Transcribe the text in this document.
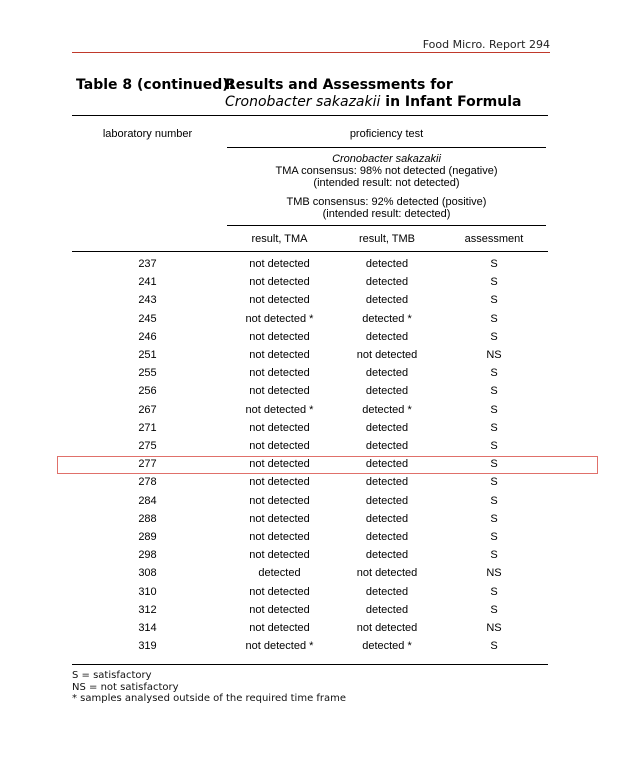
Food Micro. Report 294
Table 8 (continued):
Results and Assessments for
Cronobacter sakazakii in Infant Formula
laboratory number	proficiency test
Cronobacter sakazakii
TMA consensus: 98% not detected (negative)
(intended result: not detected)
TMB consensus: 92% detected (positive)
(intended result: detected)
result, TMA	result, TMB	assessment
237	not detected	detected	S
241	not detected	detected	S
243	not detected	detected	S
245	not detected *	detected *	S
246	not detected	detected	S
251	not detected	not detected	NS
255	not detected	detected	S
256	not detected	detected	S
267	not detected *	detected *	S
271	not detected	detected	S
275	not detected	detected	S
277	not detected	detected	S
278	not detected	detected	S
284	not detected	detected	S
288	not detected	detected	S
289	not detected	detected	S
298	not detected	detected	S
308	detected	not detected	NS
310	not detected	detected	S
312	not detected	detected	S
314	not detected	not detected	NS
319	not detected *	detected *	S
S = satisfactory
NS = not satisfactory
* samples analysed outside of the required time frame
